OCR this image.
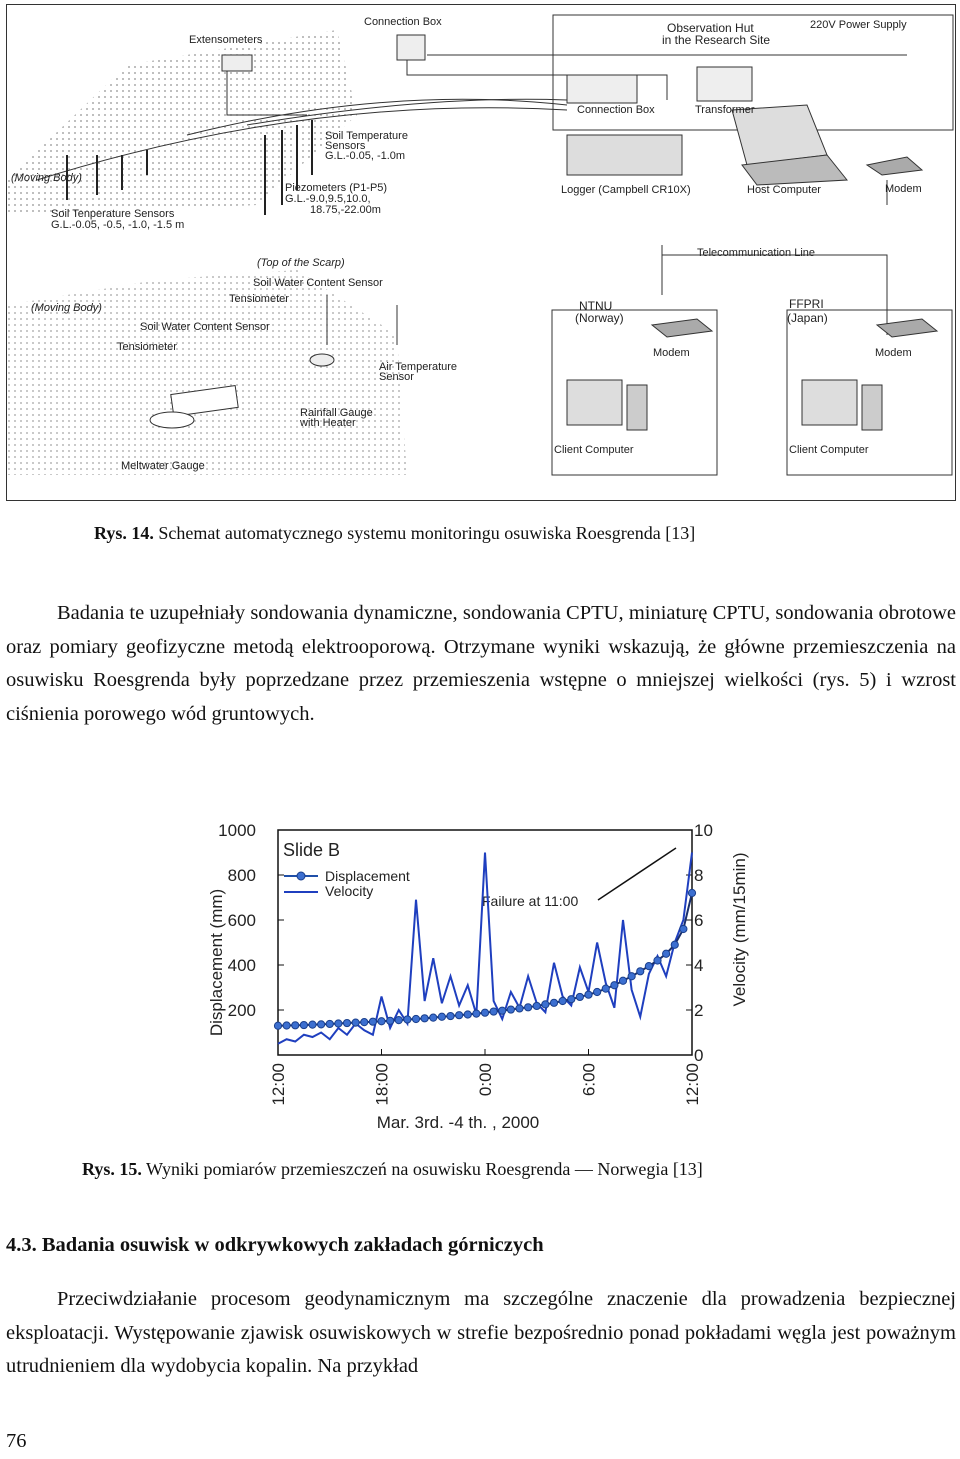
Extensometers
Connection Box	Observation Hut
in the Research Site
220V Power Supply
Connection Box	Transformer
Soil Temperature
Sensors
G.L.-0.05, -1.0m
(Moving Body)
Soil Tenperature Sensors
G.L.-0.05, -0.5, -1.0, -1.5 m
Piezometers (P1-P5)
G.L.-9.0,9.5,10.0,
18.75,-22.00m
Logger (Campbell CR10X)	Host Computer	Modem
(Top of the Scarp)
Telecommunication Line
Soil Water Content Sensor
Tensiometer
(Moving Body)
Soil Water Content Sensor
NTNU
(Norway)
FFPRI
(Japan)
Tensiometer	Modem	Modem
Air Temperature
Sensor
Rainfall Gauge
with Heater
Client Computer	Client Computer
Meltwater Gauge
Rys. 14. Schemat automatycznego systemu monitoringu osuwiska Roesgrenda [13]
Badania te uzupełniały sondowania dynamiczne, sondowania CPTU, miniaturę CPTU, sondowania obrotowe oraz pomiary geofizyczne metodą elektrooporową. Otrzymane wyniki wskazują, że główne przemieszczenia na osuwisku Roesgrenda były poprzedzane przez przemieszenia wstępne o mniejszej wielkości (rys. 5) i wzrost ciśnienia porowego wód gruntowych.
200
400
600
800
1000
0
2
4
6
8
10
12:00	18:00	0:00	6:00	12:00
Displacement (mm)	Velocity (mm/15min)
Mar. 3rd. -4 th. , 2000
Slide B
Displacement
Velocity
Failure at 11:00
Rys. 15. Wyniki pomiarów przemieszczeń na osuwisku Roesgrenda — Norwegia [13]
4.3. Badania osuwisk w odkrywkowych zakładach górniczych
Przeciwdziałanie procesom geodynamicznym ma szczególne znaczenie dla prowadzenia bezpiecznej eksploatacji. Występowanie zjawisk osuwiskowych w strefie bezpośrednio ponad pokładami węgla jest poważnym utrudnieniem dla wydobycia kopalin. Na przykład
76
